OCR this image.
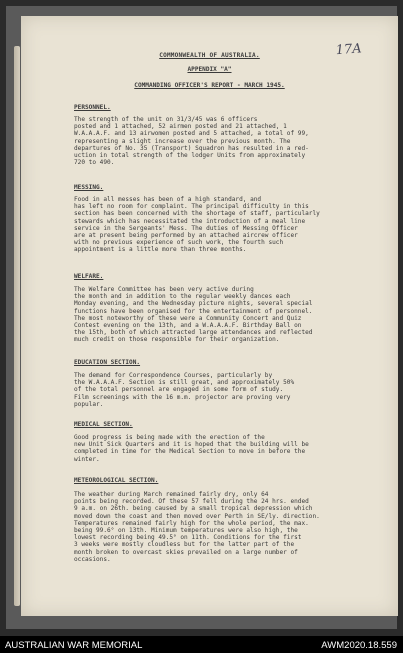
COMMONWEALTH OF AUSTRALIA.
APPENDIX "A"
COMMANDING OFFICER'S REPORT - MARCH 1945.
17A
PERSONNEL.
The strength of the unit on 31/3/45 was 6 officers
posted and 1 attached, 52 airmen posted and 21 attached, 1
W.A.A.A.F. and 13 airwomen posted and 5 attached, a total of 99,
representing a slight increase over the previous month. The
departures of No. 35 (Transport) Squadron has resulted in a red-
uction in total strength of the lodger Units from approximately
720 to 490.
MESSING.
Food in all messes has been of a high standard, and
has left no room for complaint. The principal difficulty in this
section has been concerned with the shortage of staff, particularly
stewards which has necessitated the introduction of a meal line
service in the Sergeants' Mess. The duties of Messing Officer
are at present being performed by an attached aircrew officer
with no previous experience of such work, the fourth such
appointment is a little more than three months.
WELFARE.
The Welfare Committee has been very active during
the month and in addition to the regular weekly dances each
Monday evening, and the Wednesday picture nights, several special
functions have been organised for the entertainment of personnel.
The most noteworthy of these were a Community Concert and Quiz
Contest evening on the 13th, and a W.A.A.A.F. Birthday Ball on
the 15th, both of which attracted large attendances and reflected
much credit on those responsible for their organization.
EDUCATION SECTION.
The demand for Correspondence Courses, particularly by
the W.A.A.A.F. Section is still great, and approximately 50%
of the total personnel are engaged in some form of study.
Film screenings with the 16 m.m. projector are proving very
popular.
MEDICAL SECTION.
Good progress is being made with the erection of the
new Unit Sick Quarters and it is hoped that the building will be
completed in time for the Medical Section to move in before the
winter.
METEOROLOGICAL SECTION.
The weather during March remained fairly dry, only 64
points being recorded. Of these 57 fell during the 24 hrs. ended
9 a.m. on 26th. being caused by a small tropical depression which
moved down the coast and then moved over Perth in SE/ly. direction.
Temperatures remained fairly high for the whole period, the max.
being 99.6° on 13th. Minimum temperatures were also high, the
lowest recording being 49.5° on 11th. Conditions for the first
3 weeks were mostly cloudless but for the latter part of the
month broken to overcast skies prevailed on a large number of
occasions.
AUSTRALIAN WAR MEMORIAL	AWM2020.18.559
